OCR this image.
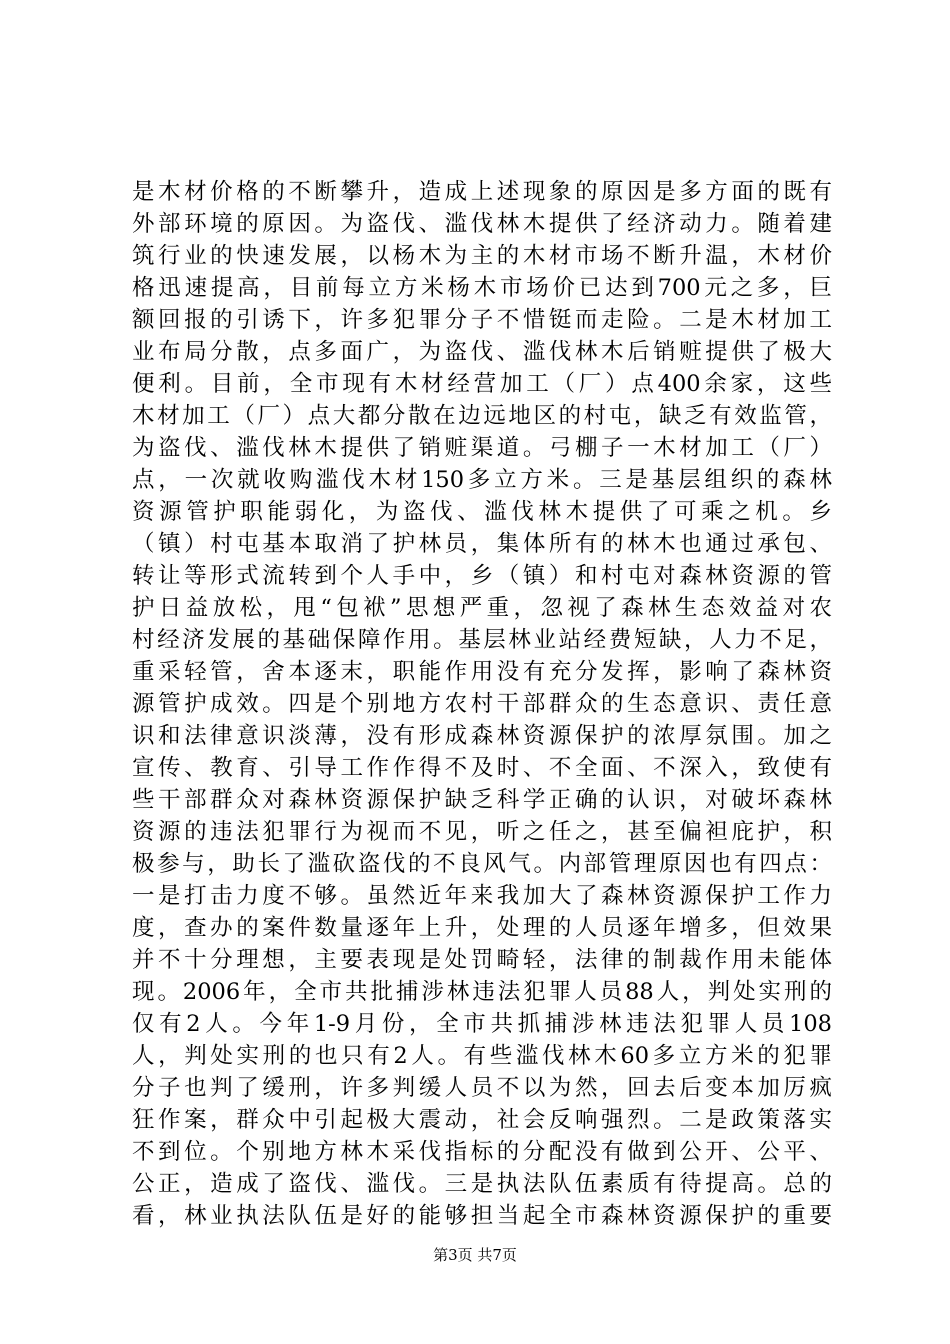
是木材价格的不断攀升，造成上述现象的原因是多方面的既有
外部环境的原因。为盗伐、滥伐林木提供了经济动力。随着建
筑行业的快速发展，以杨木为主的木材市场不断升温，木材价
格迅速提高，目前每立方米杨木市场价已达到700元之多，巨
额回报的引诱下，许多犯罪分子不惜铤而走险。二是木材加工
业布局分散，点多面广，为盗伐、滥伐林木后销赃提供了极大
便利。目前，全市现有木材经营加工（厂）点400余家，这些
木材加工（厂）点大都分散在边远地区的村屯，缺乏有效监管，
为盗伐、滥伐林木提供了销赃渠道。弓棚子一木材加工（厂）
点，一次就收购滥伐木材150多立方米。三是基层组织的森林
资源管护职能弱化，为盗伐、滥伐林木提供了可乘之机。乡
（镇）村屯基本取消了护林员，集体所有的林木也通过承包、
转让等形式流转到个人手中，乡（镇）和村屯对森林资源的管
护日益放松，甩“包袱”思想严重，忽视了森林生态效益对农
村经济发展的基础保障作用。基层林业站经费短缺，人力不足，
重采轻管，舍本逐末，职能作用没有充分发挥，影响了森林资
源管护成效。四是个别地方农村干部群众的生态意识、责任意
识和法律意识淡薄，没有形成森林资源保护的浓厚氛围。加之
宣传、教育、引导工作作得不及时、不全面、不深入，致使有
些干部群众对森林资源保护缺乏科学正确的认识，对破坏森林
资源的违法犯罪行为视而不见，听之任之，甚至偏袒庇护，积
极参与，助长了滥砍盗伐的不良风气。内部管理原因也有四点：
一是打击力度不够。虽然近年来我加大了森林资源保护工作力
度，查办的案件数量逐年上升，处理的人员逐年增多，但效果
并不十分理想，主要表现是处罚畸轻，法律的制裁作用未能体
现。2006年，全市共批捕涉林违法犯罪人员88人，判处实刑的
仅有2人。今年1-9月份，全市共抓捕涉林违法犯罪人员108
人，判处实刑的也只有2人。有些滥伐林木60多立方米的犯罪
分子也判了缓刑，许多判缓人员不以为然，回去后变本加厉疯
狂作案，群众中引起极大震动，社会反响强烈。二是政策落实
不到位。个别地方林木采伐指标的分配没有做到公开、公平、
公正，造成了盗伐、滥伐。三是执法队伍素质有待提高。总的
看，林业执法队伍是好的能够担当起全市森林资源保护的重要
第3页 共7页
